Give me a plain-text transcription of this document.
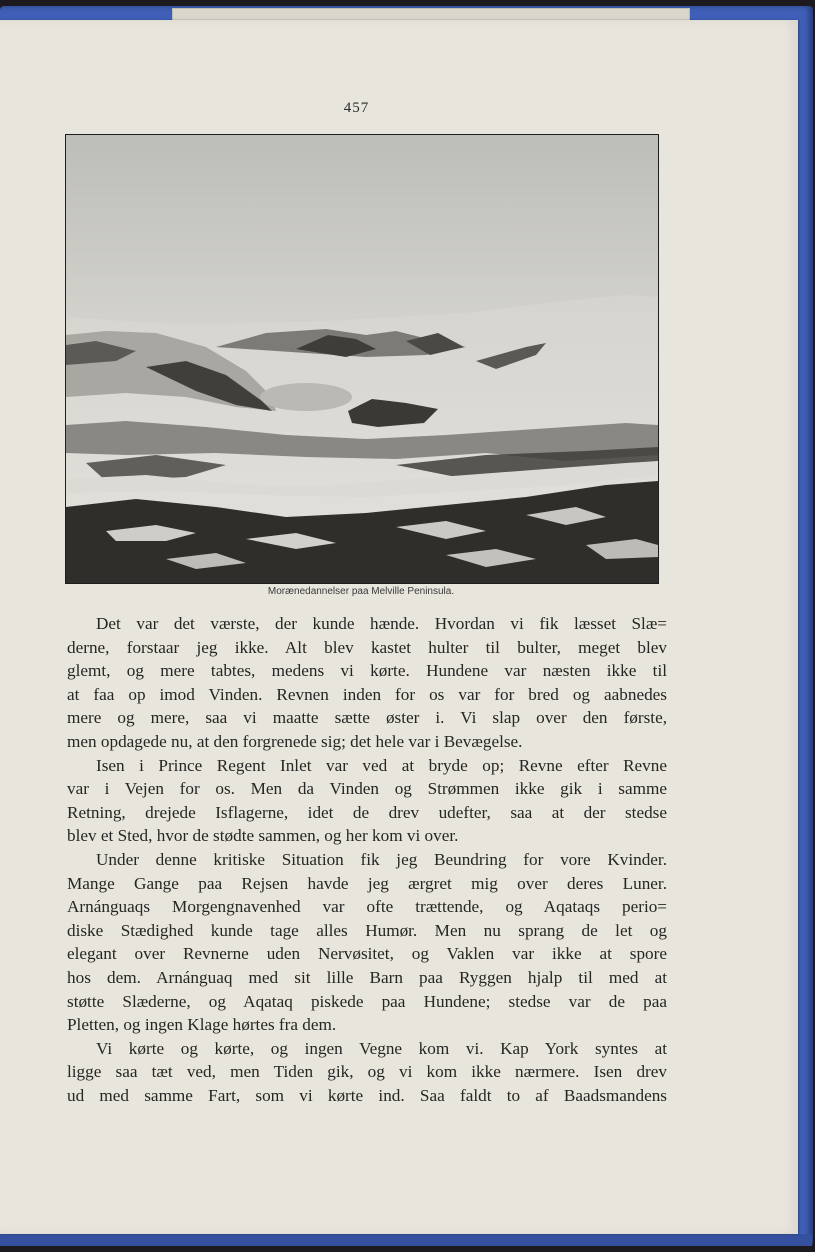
457
Morænedannelser paa Melville Peninsula.
Det var det værste, der kunde hænde. Hvordan vi fik læsset Slæ=
derne, forstaar jeg ikke. Alt blev kastet hulter til bulter, meget blev
glemt, og mere tabtes, medens vi kørte. Hundene var næsten ikke til
at faa op imod Vinden. Revnen inden for os var for bred og aabnedes
mere og mere, saa vi maatte sætte øster i. Vi slap over den første,
men opdagede nu, at den forgrenede sig; det hele var i Bevægelse.
Isen i Prince Regent Inlet var ved at bryde op; Revne efter Revne
var i Vejen for os. Men da Vinden og Strømmen ikke gik i samme
Retning, drejede Isflagerne, idet de drev udefter, saa at der stedse
blev et Sted, hvor de stødte sammen, og her kom vi over.
Under denne kritiske Situation fik jeg Beundring for vore Kvinder.
Mange Gange paa Rejsen havde jeg ærgret mig over deres Luner.
Arnánguaqs Morgengnavenhed var ofte trættende, og Aqataqs perio=
diske Stædighed kunde tage alles Humør. Men nu sprang de let og
elegant over Revnerne uden Nervøsitet, og Vaklen var ikke at spore
hos dem. Arnánguaq med sit lille Barn paa Ryggen hjalp til med at
støtte Slæderne, og Aqataq piskede paa Hundene; stedse var de paa
Pletten, og ingen Klage hørtes fra dem.
Vi kørte og kørte, og ingen Vegne kom vi. Kap York syntes at
ligge saa tæt ved, men Tiden gik, og vi kom ikke nærmere. Isen drev
ud med samme Fart, som vi kørte ind. Saa faldt to af Baadsmandens
